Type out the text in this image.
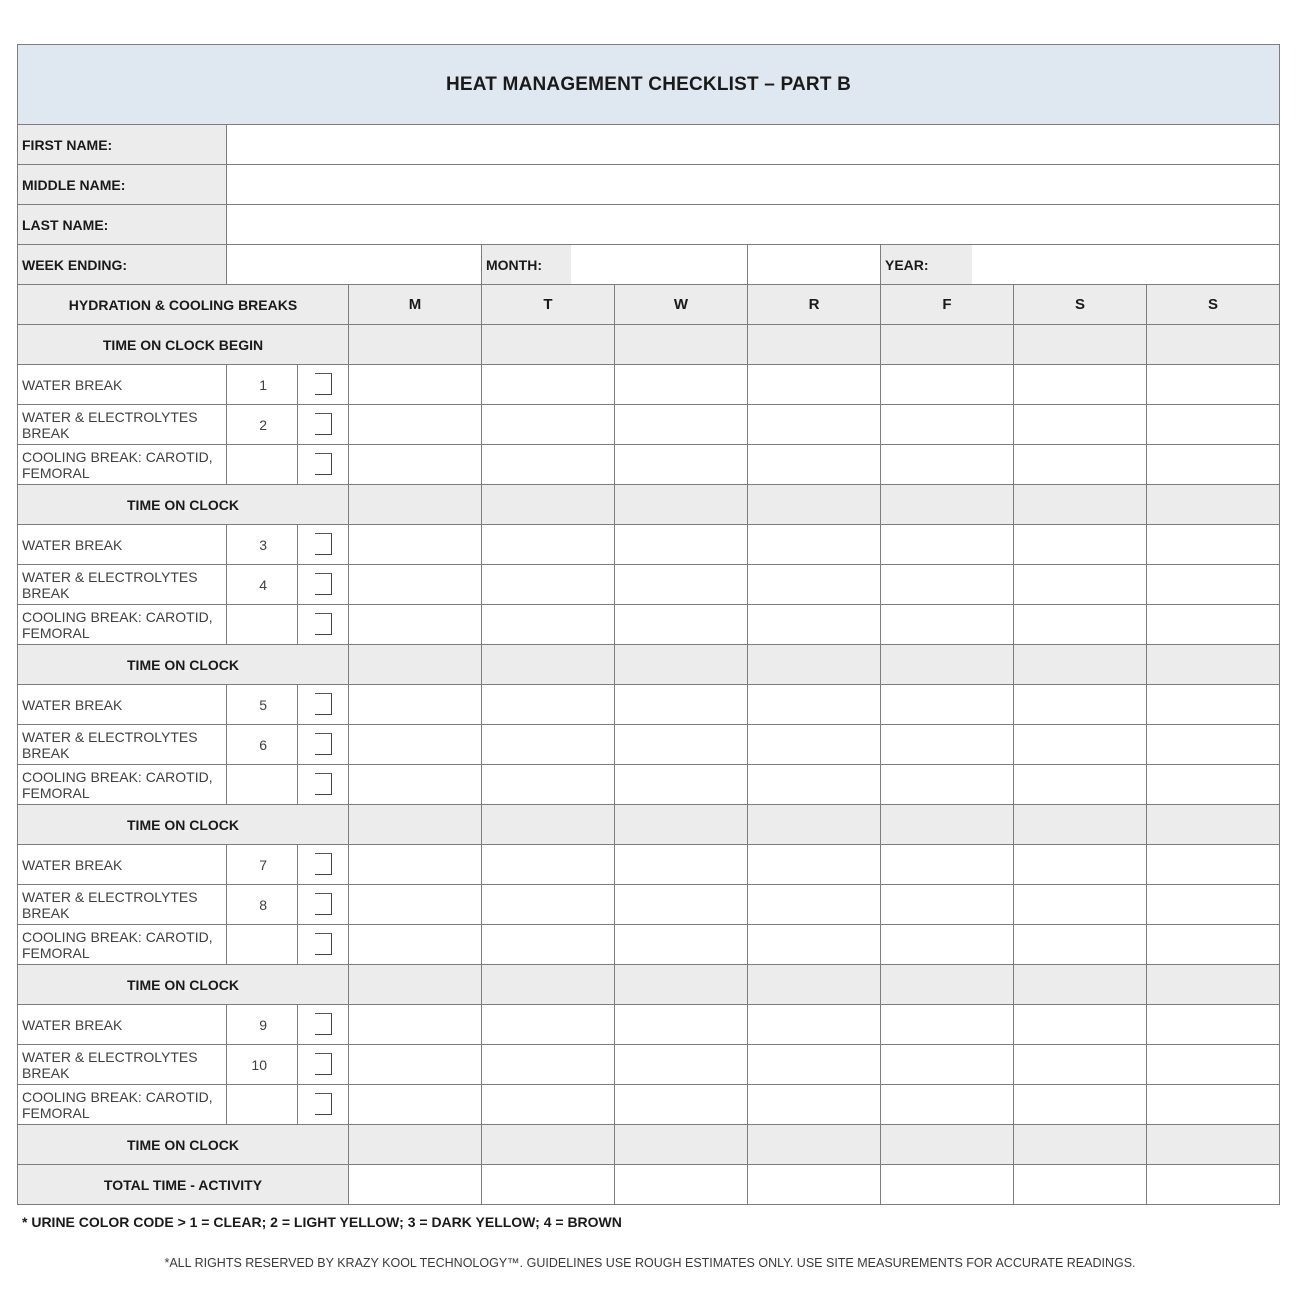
HEAT MANAGEMENT CHECKLIST – PART B									
FIRST NAME:									
MIDDLE NAME:									
LAST NAME:									
WEEK ENDING:				MONTH:			YEAR:		

HYDRATION & COOLING BREAKS			M	T	W	R	F	S	S
TIME ON CLOCK BEGIN									
WATER BREAK	1								
WATER & ELECTROLYTES BREAK	2								
COOLING BREAK: CAROTID, FEMORAL									
TIME ON CLOCK									
WATER BREAK	3								
WATER & ELECTROLYTES BREAK	4								
COOLING BREAK: CAROTID, FEMORAL									
TIME ON CLOCK									
WATER BREAK	5								
WATER & ELECTROLYTES BREAK	6								
COOLING BREAK: CAROTID, FEMORAL									
TIME ON CLOCK									
WATER BREAK	7								
WATER & ELECTROLYTES BREAK	8								
COOLING BREAK: CAROTID, FEMORAL									
TIME ON CLOCK									
WATER BREAK	9								
WATER & ELECTROLYTES BREAK	10								
COOLING BREAK: CAROTID, FEMORAL									
TIME ON CLOCK									
TOTAL TIME - ACTIVITY									
* URINE COLOR CODE > 1 = CLEAR; 2 = LIGHT YELLOW; 3 = DARK YELLOW; 4 = BROWN
*ALL RIGHTS RESERVED BY KRAZY KOOL TECHNOLOGY™. GUIDELINES USE ROUGH ESTIMATES ONLY. USE SITE MEASUREMENTS FOR ACCURATE READINGS.
